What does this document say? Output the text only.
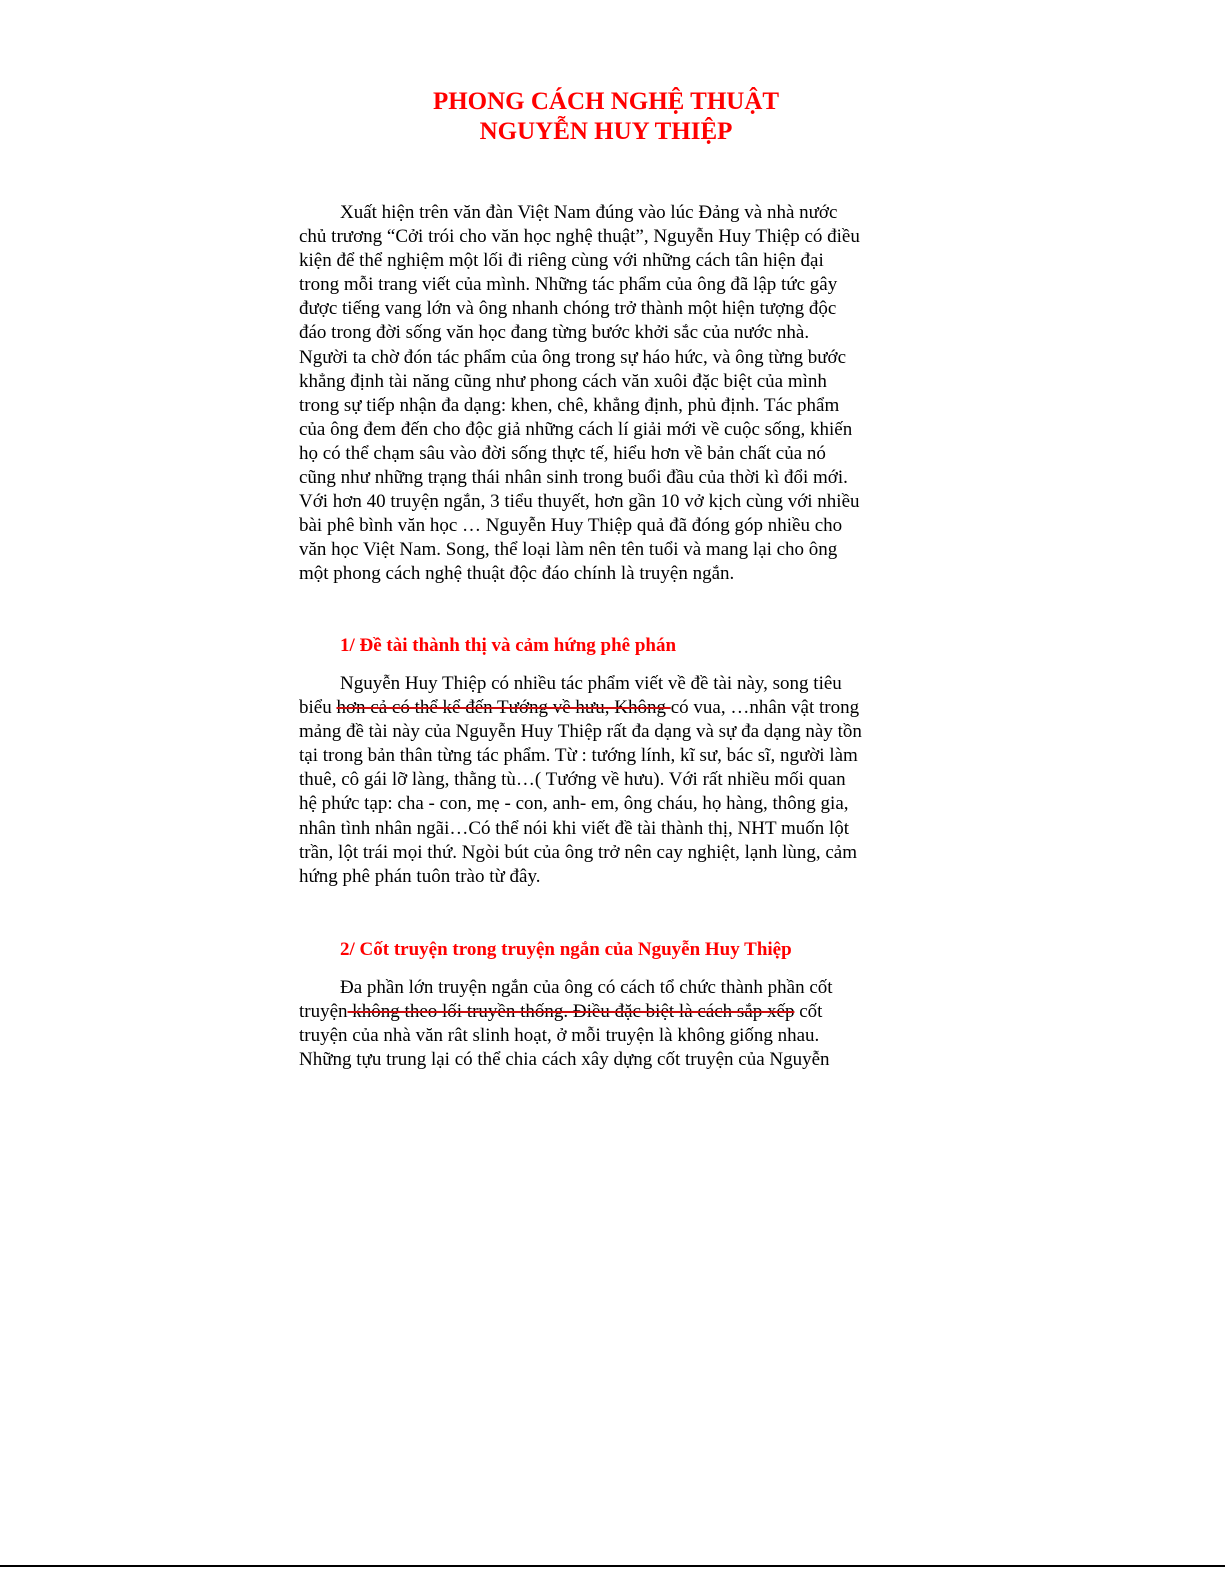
PHONG CÁCH NGHỆ THUẬT
NGUYỄN HUY THIỆP
Xuất hiện trên văn đàn Việt Nam đúng vào lúc Đảng và nhà nước
chủ trương “Cởi trói cho văn học nghệ thuật”, Nguyễn Huy Thiệp có điều
kiện để thể nghiệm một lối đi riêng cùng với những cách tân hiện đại
trong mỗi trang viết của mình. Những tác phẩm của ông đã lập tức gây
được tiếng vang lớn và ông nhanh chóng trở thành một hiện tượng độc
đáo trong đời sống văn học đang từng bước khởi sắc của nước nhà.
Người ta chờ đón tác phẩm của ông trong sự háo hức, và ông từng bước
khẳng định tài năng cũng như phong cách văn xuôi đặc biệt của mình
trong sự tiếp nhận đa dạng: khen, chê, khẳng định, phủ định. Tác phẩm
của ông đem đến cho độc giả những cách lí giải mới về cuộc sống, khiến
họ có thể chạm sâu vào đời sống thực tế, hiểu hơn về bản chất của nó
cũng như những trạng thái nhân sinh trong buổi đầu của thời kì đổi mới.
Với hơn 40 truyện ngắn, 3 tiểu thuyết, hơn gần 10 vở kịch cùng với nhiều
bài phê bình văn học … Nguyễn Huy Thiệp quả đã đóng góp nhiều cho
văn học Việt Nam. Song, thể loại làm nên tên tuổi và mang lại cho ông
một phong cách nghệ thuật độc đáo chính là truyện ngắn.
1/ Đề tài thành thị và cảm hứng phê phán
Nguyễn Huy Thiệp có nhiều tác phẩm viết về đề tài này, song tiêu
biểu hơn cả có thể kể đến Tướng về hưu, Không có vua, …nhân vật trong
mảng đề tài này của Nguyễn Huy Thiệp rất đa dạng và sự đa dạng này tồn
tại trong bản thân từng tác phẩm. Từ : tướng lính, kĩ sư, bác sĩ, người làm
thuê, cô gái lỡ làng, thằng tù…( Tướng về hưu). Với rất nhiều mối quan
hệ phức tạp: cha - con, mẹ - con, anh- em, ông cháu, họ hàng, thông gia,
nhân tình nhân ngãi…Có thể nói khi viết đề tài thành thị, NHT muốn lột
trần, lột trái mọi thứ. Ngòi bút của ông trở nên cay nghiệt, lạnh lùng, cảm
hứng phê phán tuôn trào từ đây.
2/ Cốt truyện trong truyện ngắn của Nguyễn Huy Thiệp
Đa phần lớn truyện ngắn của ông có cách tổ chức thành phần cốt
truyện không theo lối truyền thống. Điều đặc biệt là cách sắp xếp cốt
truyện của nhà văn rât slinh hoạt, ở mỗi truyện là không giống nhau.
Những tựu trung lại có thể chia cách xây dựng cốt truyện của Nguyễn
